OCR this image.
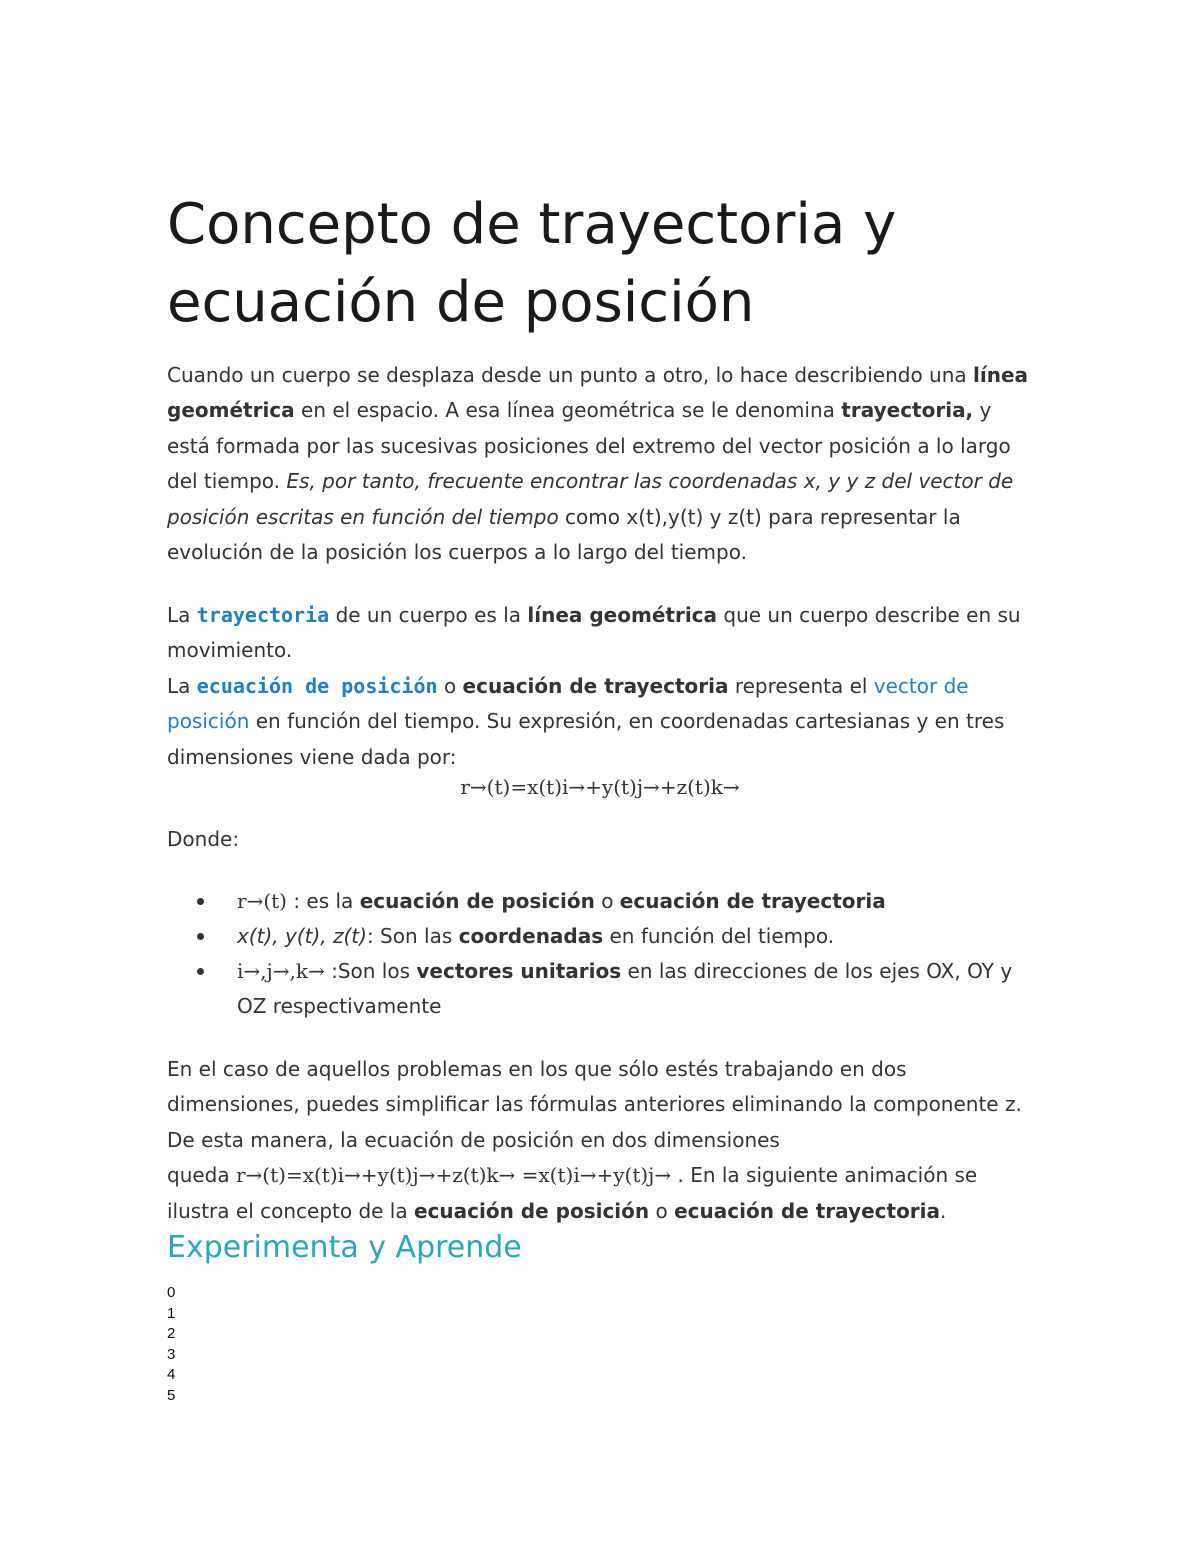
Concepto de trayectoria y ecuación de posición

Cuando un cuerpo se desplaza desde un punto a otro, lo hace describiendo una línea geométrica en el espacio. A esa línea geométrica se le denomina trayectoria, y está formada por las sucesivas posiciones del extremo del vector posición a lo largo del tiempo. Es, por tanto, frecuente encontrar las coordenadas x, y y z del vector de posición escritas en función del tiempo como x(t),y(t) y z(t) para representar la evolución de la posición los cuerpos a lo largo del tiempo.

La trayectoria de un cuerpo es la línea geométrica que un cuerpo describe en su movimiento.

La ecuación de posición o ecuación de trayectoria representa el vector de posición en función del tiempo. Su expresión, en coordenadas cartesianas y en tres dimensiones viene dada por:

r→(t)=x(t)i→+y(t)j→+z(t)k→
Donde:
r→(t) : es la ecuación de posición o ecuación de trayectoria
x(t), y(t), z(t): Son las coordenadas en función del tiempo.
i→,j→,k→ :Son los vectores unitarios en las direcciones de los ejes OX, OY y OZ respectivamente

En el caso de aquellos problemas en los que sólo estés trabajando en dos dimensiones, puedes simplificar las fórmulas anteriores eliminando la componente z. De esta manera, la ecuación de posición en dos dimensiones
queda r→(t)=x(t)i→+y(t)j→+z(t)k→ =x(t)i→+y(t)j→ . En la siguiente animación se ilustra el concepto de la ecuación de posición o ecuación de trayectoria.

Experimenta y Aprende
0
1
2
3
4
5
